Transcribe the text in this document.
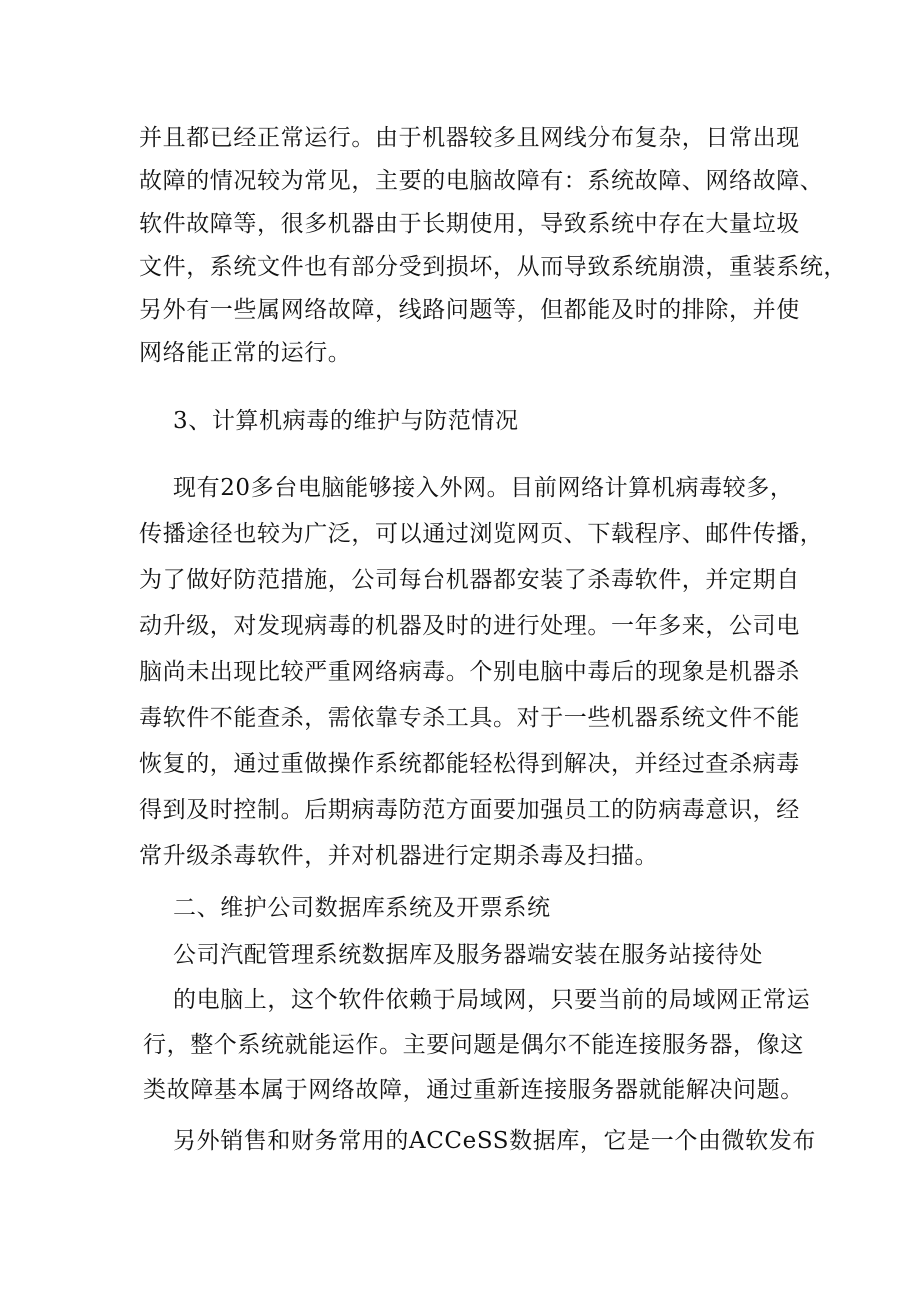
并且都已经正常运行。由于机器较多且网线分布复杂，日常出现

故障的情况较为常见，主要的电脑故障有：系统故障、网络故障、

软件故障等，很多机器由于长期使用，导致系统中存在大量垃圾

文件，系统文件也有部分受到损坏，从而导致系统崩溃，重装系统，

另外有一些属网络故障，线路问题等，但都能及时的排除，并使

网络能正常的运行。

3、计算机病毒的维护与防范情况

现有20多台电脑能够接入外网。目前网络计算机病毒较多，

传播途径也较为广泛，可以通过浏览网页、下载程序、邮件传播，

为了做好防范措施，公司每台机器都安装了杀毒软件，并定期自

动升级，对发现病毒的机器及时的进行处理。一年多来，公司电

脑尚未出现比较严重网络病毒。个别电脑中毒后的现象是机器杀

毒软件不能查杀，需依靠专杀工具。对于一些机器系统文件不能

恢复的，通过重做操作系统都能轻松得到解决，并经过查杀病毒

得到及时控制。后期病毒防范方面要加强员工的防病毒意识，经

常升级杀毒软件，并对机器进行定期杀毒及扫描。

二、维护公司数据库系统及开票系统

公司汽配管理系统数据库及服务器端安装在服务站接待处

的电脑上，这个软件依赖于局域网，只要当前的局域网正常运

行，整个系统就能运作。主要问题是偶尔不能连接服务器，像这

类故障基本属于网络故障，通过重新连接服务器就能解决问题。

另外销售和财务常用的ACCeSS数据库，它是一个由微软发布
